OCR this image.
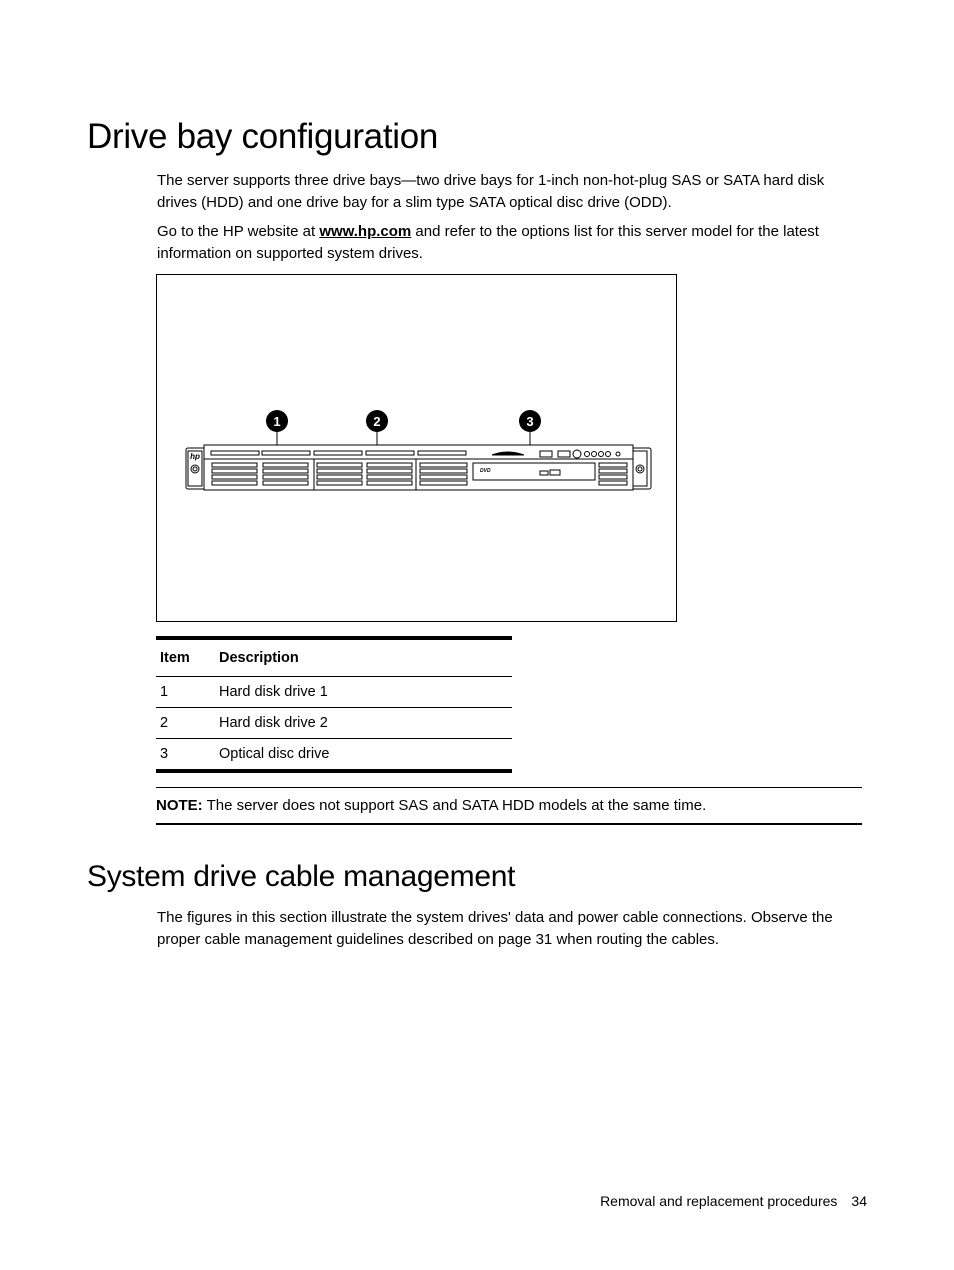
Drive bay configuration

The server supports three drive bays—two drive bays for 1-inch non-hot-plug SAS or SATA hard disk drives (HDD) and one drive bay for a slim type SATA optical disc drive (ODD).

Go to the HP website at www.hp.com and refer to the options list for this server model for the latest information on supported system drives.

1	2	3
hp
DVD
Item	Description
1	Hard disk drive 1
2	Hard disk drive 2
3	Optical disc drive
NOTE: The server does not support SAS and SATA HDD models at the same time.
System drive cable management

The figures in this section illustrate the system drives' data and power cable connections. Observe the proper cable management guidelines described on page 31 when routing the cables.

Removal and replacement procedures 34
